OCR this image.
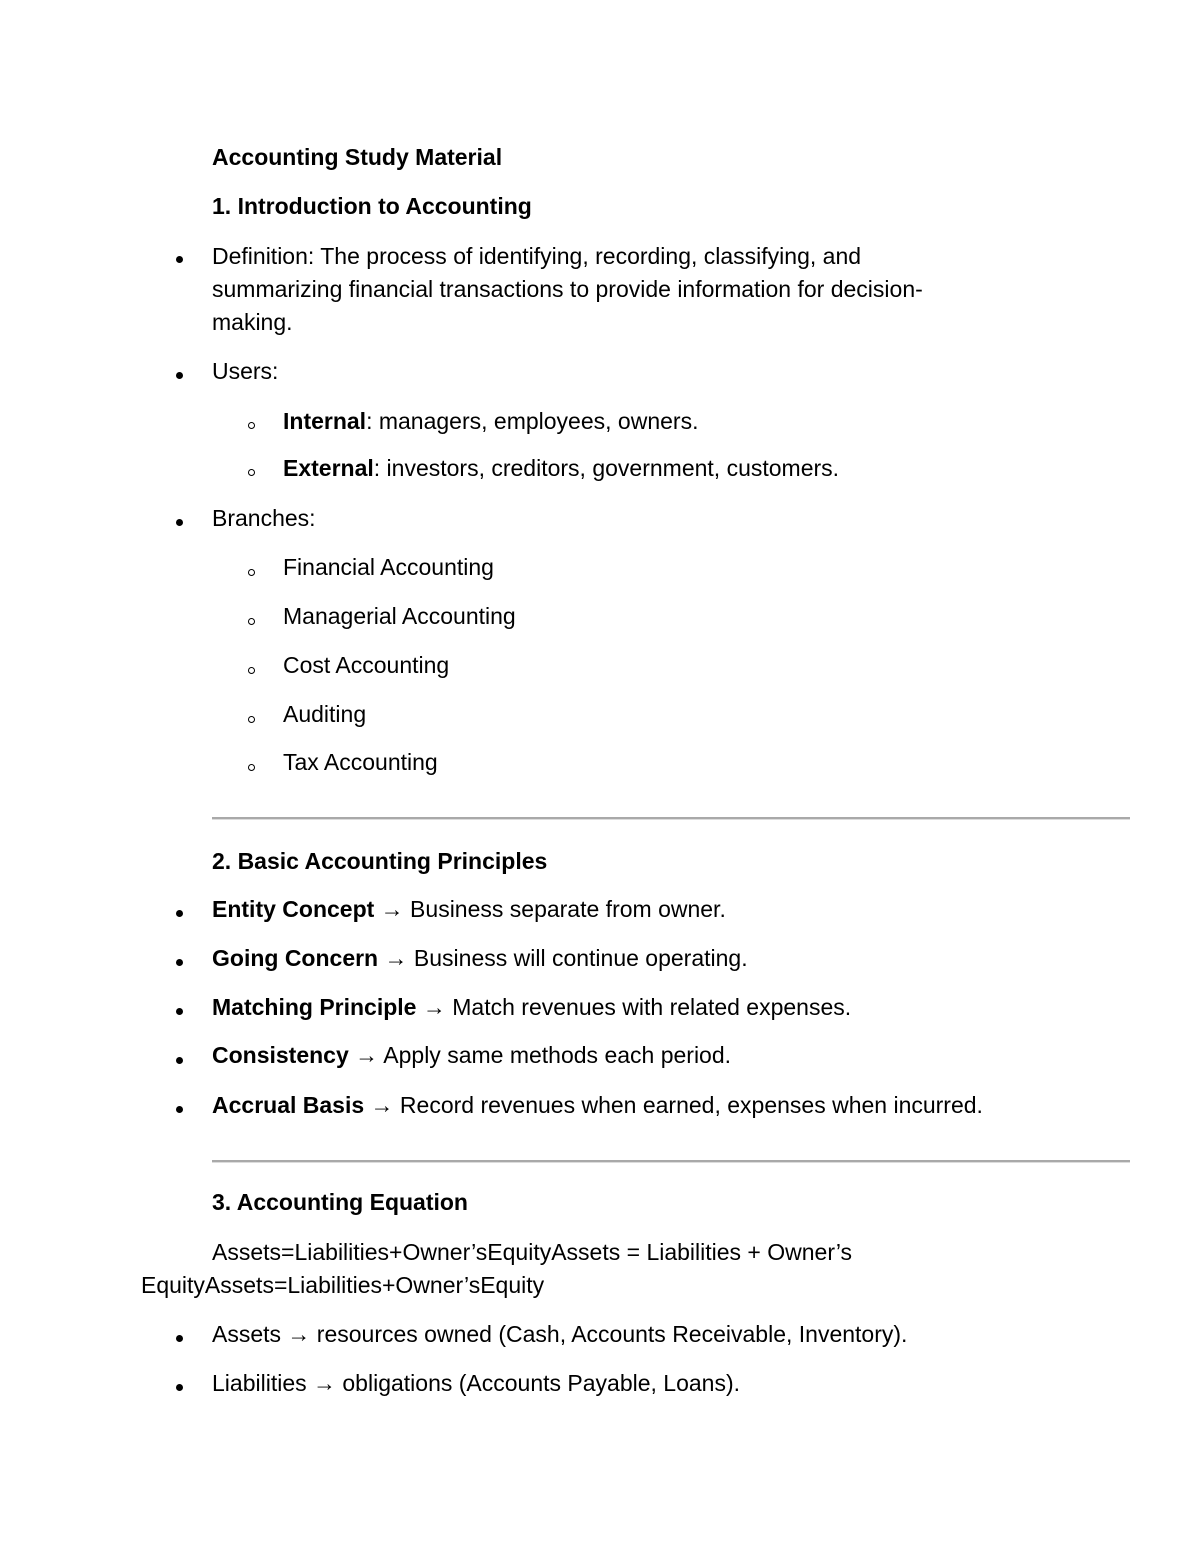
Accounting Study Material
1. Introduction to Accounting
Definition: The process of identifying, recording, classifying, and
summarizing financial transactions to provide information for decision-
making.
Users:
Internal: managers, employees, owners.
External: investors, creditors, government, customers.
Branches:
Financial Accounting
Managerial Accounting
Cost Accounting
Auditing
Tax Accounting
2. Basic Accounting Principles
Entity Concept → Business separate from owner.
Going Concern → Business will continue operating.
Matching Principle → Match revenues with related expenses.
Consistency → Apply same methods each period.
Accrual Basis → Record revenues when earned, expenses when incurred.
3. Accounting Equation
Assets=Liabilities+Owner’sEquityAssets = Liabilities + Owner’s
EquityAssets=Liabilities+Owner’sEquity
Assets → resources owned (Cash, Accounts Receivable, Inventory).
Liabilities → obligations (Accounts Payable, Loans).
